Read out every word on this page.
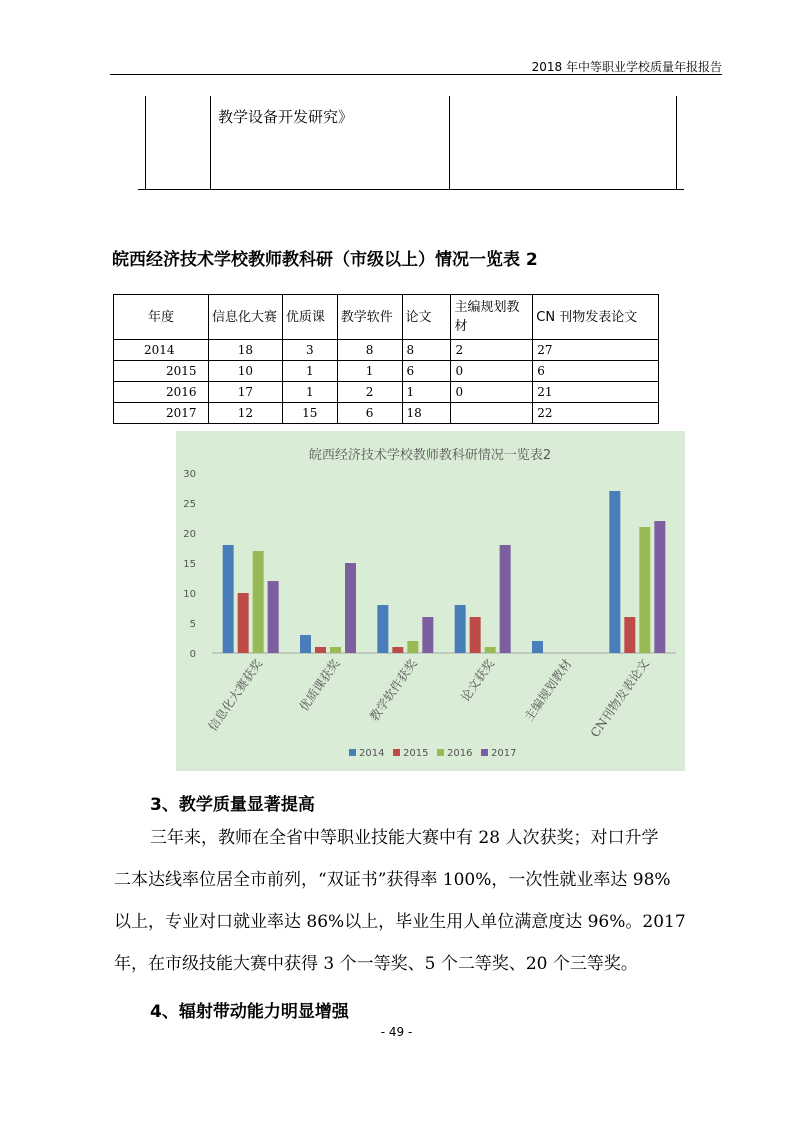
2018 年中等职业学校质量年报报告
教学设备开发研究》
皖西经济技术学校教师教科研（市级以上）情况一览表 2
年度	信息化大赛	优质课	教学软件	论文	主编规划教材	CN 刊物发表论文
2014	18	3	8	8	2	27
2015	10	1	1	6	0	6
2016	17	1	2	1	0	21
2017	12	15	6	18		22
皖西经济技术学校教师教科研情况一览表2
0
5
10
15
20
25
30
信息化大赛获奖	优质课获奖 教学软件获奖	论文获奖 主编规划教材 CN刊物发表论文
2014 2015 2016 2017
3、教学质量显著提高
三年来，教师在全省中等职业技能大赛中有 28 人次获奖；对口升学
二本达线率位居全市前列，“双证书”获得率 100%，一次性就业率达 98%
以上，专业对口就业率达 86%以上，毕业生用人单位满意度达 96%。2017
年，在市级技能大赛中获得 3 个一等奖、5 个二等奖、20 个三等奖。
4、辐射带动能力明显增强
- 49 -
